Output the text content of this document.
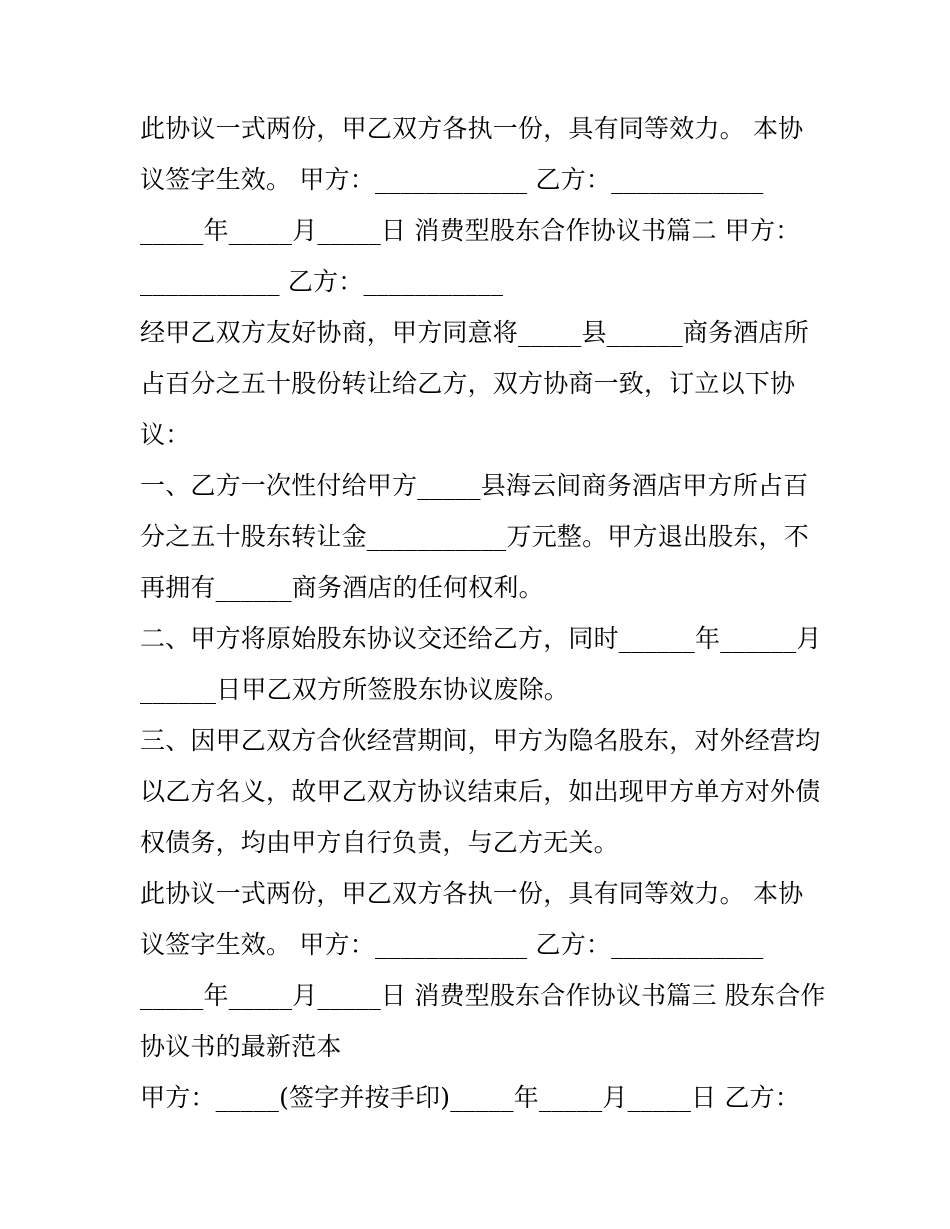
此协议一式两份，甲乙双方各执一份，具有同等效力。 本协
议签字生效。 甲方：____________ 乙方：____________
_____年_____月_____日 消费型股东合作协议书篇二 甲方：
___________ 乙方：___________
经甲乙双方友好协商，甲方同意将_____县______商务酒店所
占百分之五十股份转让给乙方，双方协商一致，订立以下协
议：
一、乙方一次性付给甲方_____县海云间商务酒店甲方所占百
分之五十股东转让金___________万元整。甲方退出股东，不
再拥有______商务酒店的任何权利。
二、甲方将原始股东协议交还给乙方，同时______年______月
______日甲乙双方所签股东协议废除。
三、因甲乙双方合伙经营期间，甲方为隐名股东，对外经营均
以乙方名义，故甲乙双方协议结束后，如出现甲方单方对外债
权债务，均由甲方自行负责，与乙方无关。
此协议一式两份，甲乙双方各执一份，具有同等效力。 本协
议签字生效。 甲方：____________ 乙方：____________
_____年_____月_____日 消费型股东合作协议书篇三 股东合作
协议书的最新范本
甲方：_____(签字并按手印)_____年_____月_____日 乙方：
